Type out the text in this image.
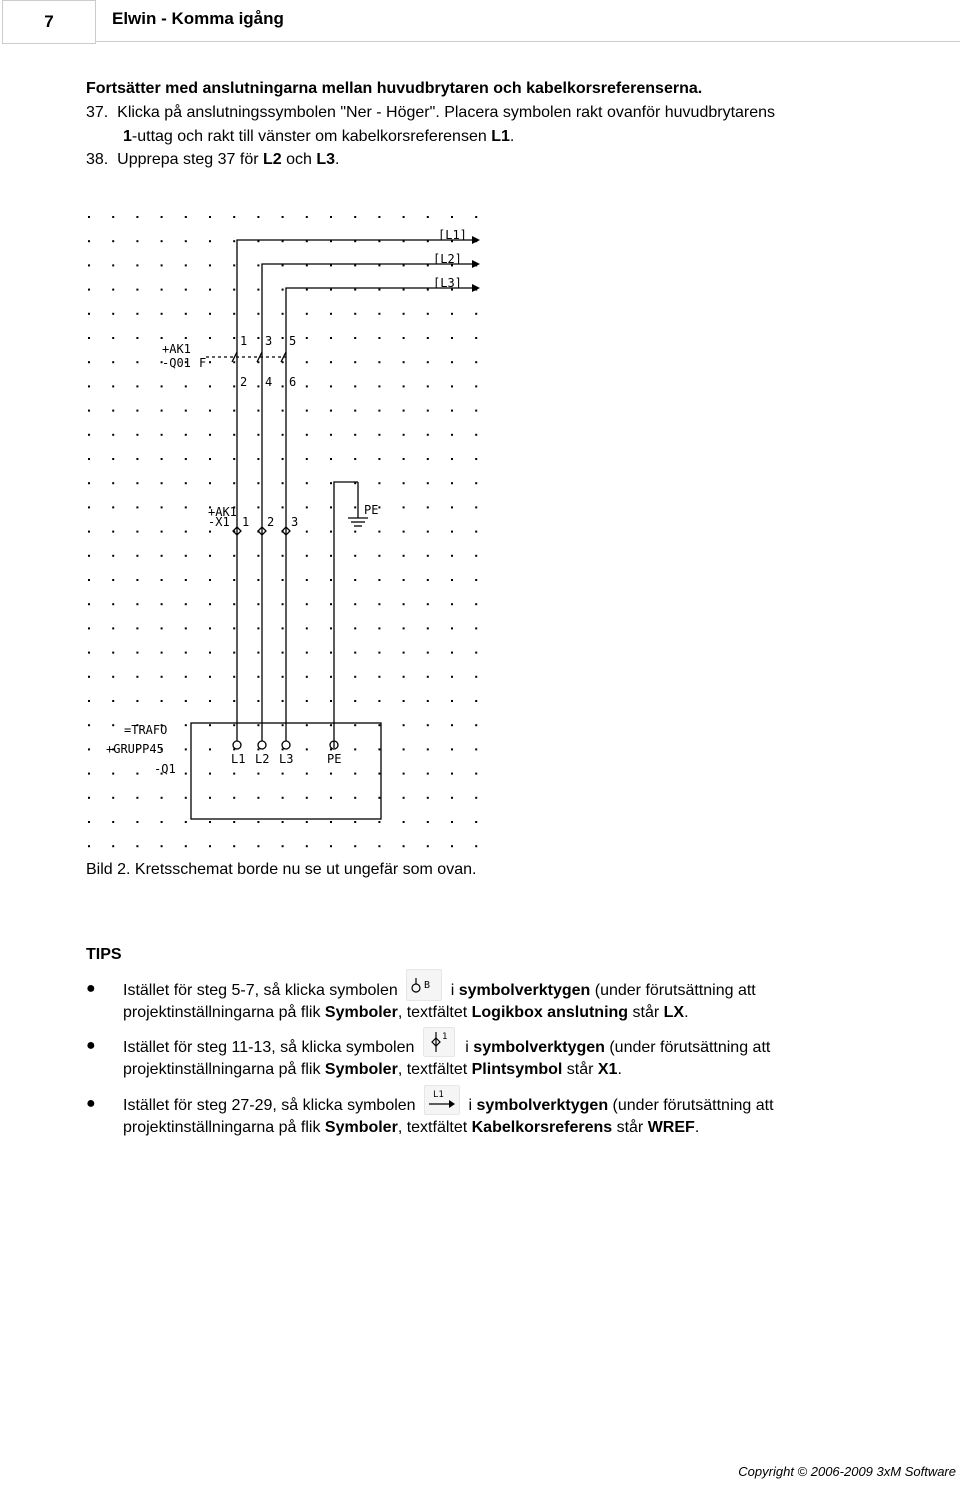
7	Elwin - Komma igång
Fortsätter med anslutningarna mellan huvudbrytaren och kabelkorsreferenserna.
37. Klicka på anslutningssymbolen "Ner - Höger". Placera symbolen rakt ovanför huvudbrytarens
1-uttag och rakt till vänster om kabelkorsreferensen L1.
38. Upprepa steg 37 för L2 och L3.
[L1]
[L2]
[L3]
+AK1
-Q01 F
1 3 5
2 4 6
+AK1
-X1 1 2 3
PE
=TRAFO
+GRUPP45
-Q1
L1 L2 L3	PE
Bild 2. Kretsschemat borde nu se ut ungefär som ovan.
TIPS
● Istället för steg 5-7, så klicka symbolen	B i symbolverktygen (under förutsättning att
projektinställningarna på flik Symboler, textfältet Logikbox anslutning står LX.
● Istället för steg 11-13, så klicka symbolen
1
i symbolverktygen (under förutsättning att
projektinställningarna på flik Symboler, textfältet Plintsymbol står X1.
● Istället för steg 27-29, så klicka symbolen
L1
i symbolverktygen (under förutsättning att
projektinställningarna på flik Symboler, textfältet Kabelkorsreferens står WREF.
Copyright © 2006-2009 3xM Software
